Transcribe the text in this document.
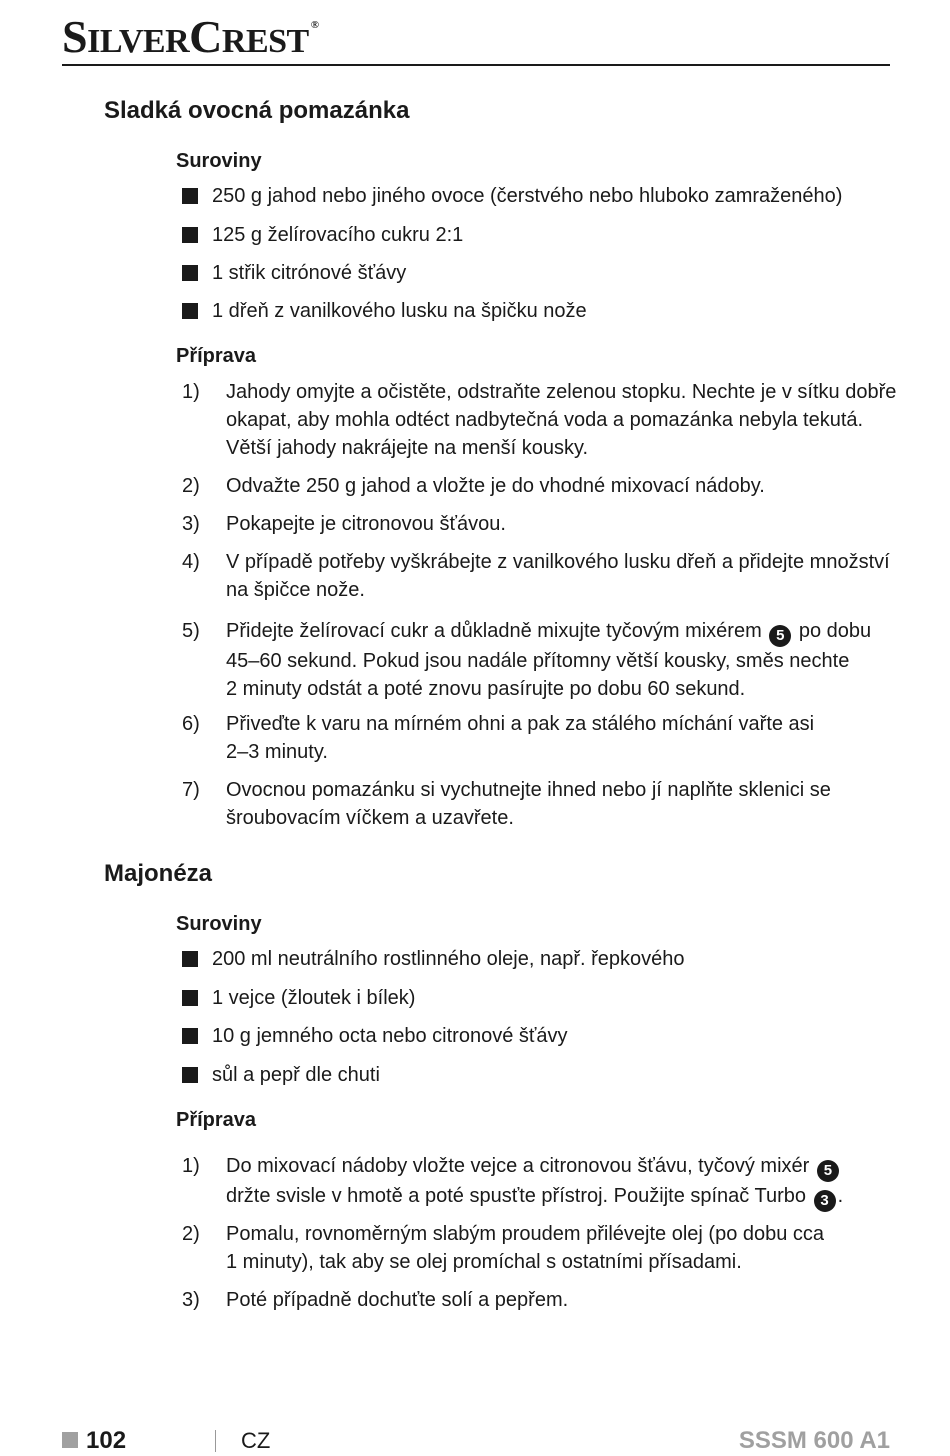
SILVERCREST ®
Sladká ovocná pomazánka
Suroviny
250 g jahod nebo jiného ovoce (čerstvého nebo hluboko zamraženého)
125 g želírovacího cukru 2:1
1 střik citrónové šťávy
1 dřeň z vanilkového lusku na špičku nože
Příprava
1) Jahody omyjte a očistěte, odstraňte zelenou stopku. Nechte je v sítku dobře
okapat, aby mohla odtéct nadbytečná voda a pomazánka nebyla tekutá.
Větší jahody nakrájejte na menší kousky.
2) Odvažte 250 g jahod a vložte je do vhodné mixovací nádoby.
3) Pokapejte je citronovou šťávou.
4) V případě potřeby vyškrábejte z vanilkového lusku dřeň a přidejte množství
na špičce nože.
5) Přidejte želírovací cukr a důkladně mixujte tyčovým mixérem 5 po dobu
45–60 sekund. Pokud jsou nadále přítomny větší kousky, směs nechte
2 minuty odstát a poté znovu pasírujte po dobu 60 sekund.
6) Přiveďte k varu na mírném ohni a pak za stálého míchání vařte asi
2–3 minuty.
7) Ovocnou pomazánku si vychutnejte ihned nebo jí naplňte sklenici se
šroubovacím víčkem a uzavřete.
Majonéza
Suroviny
200 ml neutrálního rostlinného oleje, např. řepkového
1 vejce (žloutek i bílek)
10 g jemného octa nebo citronové šťávy
sůl a pepř dle chuti
Příprava
1) Do mixovací nádoby vložte vejce a citronovou šťávu, tyčový mixér 5
držte svisle v hmotě a poté spusťte přístroj. Použijte spínač Turbo 3 .
2) Pomalu, rovnoměrným slabým proudem přilévejte olej (po dobu cca
1 minuty), tak aby se olej promíchal s ostatními přísadami.
3) Poté případně dochuťte solí a pepřem.
102	CZ	SSSM 600 A1
